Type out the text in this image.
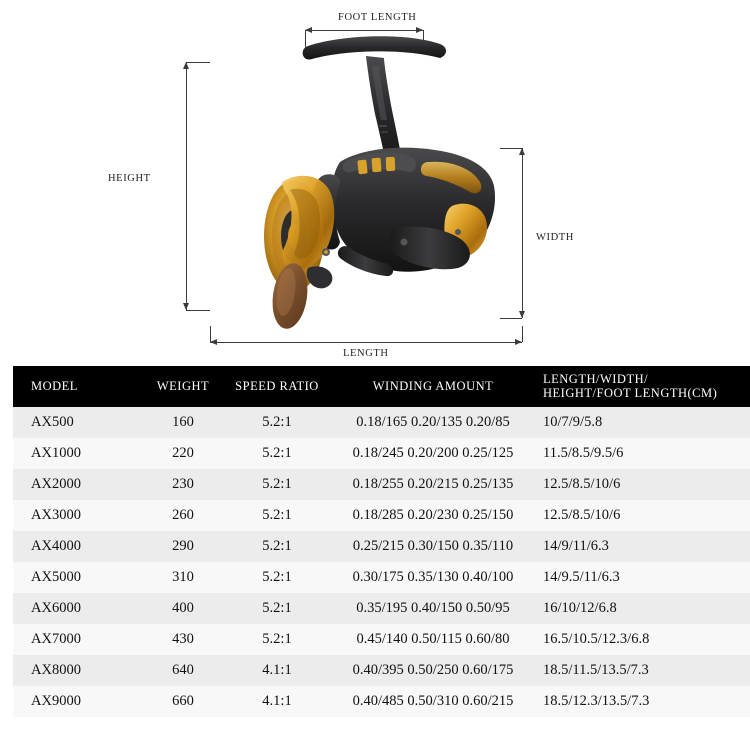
FOOT LENGTH
HEIGHT
WIDTH
LENGTH
MODEL	WEIGHT	SPEED RATIO	WINDING AMOUNT	LENGTH/WIDTH/
HEIGHT/FOOT LENGTH(CM)
AX500	160	5.2:1	0.18/165 0.20/135 0.20/85	10/7/9/5.8
AX1000	220	5.2:1	0.18/245 0.20/200 0.25/125	11.5/8.5/9.5/6
AX2000	230	5.2:1	0.18/255 0.20/215 0.25/135	12.5/8.5/10/6
AX3000	260	5.2:1	0.18/285 0.20/230 0.25/150	12.5/8.5/10/6
AX4000	290	5.2:1	0.25/215 0.30/150 0.35/110	14/9/11/6.3
AX5000	310	5.2:1	0.30/175 0.35/130 0.40/100	14/9.5/11/6.3
AX6000	400	5.2:1	0.35/195 0.40/150 0.50/95	16/10/12/6.8
AX7000	430	5.2:1	0.45/140 0.50/115 0.60/80	16.5/10.5/12.3/6.8
AX8000	640	4.1:1	0.40/395 0.50/250 0.60/175	18.5/11.5/13.5/7.3
AX9000	660	4.1:1	0.40/485 0.50/310 0.60/215	18.5/12.3/13.5/7.3
